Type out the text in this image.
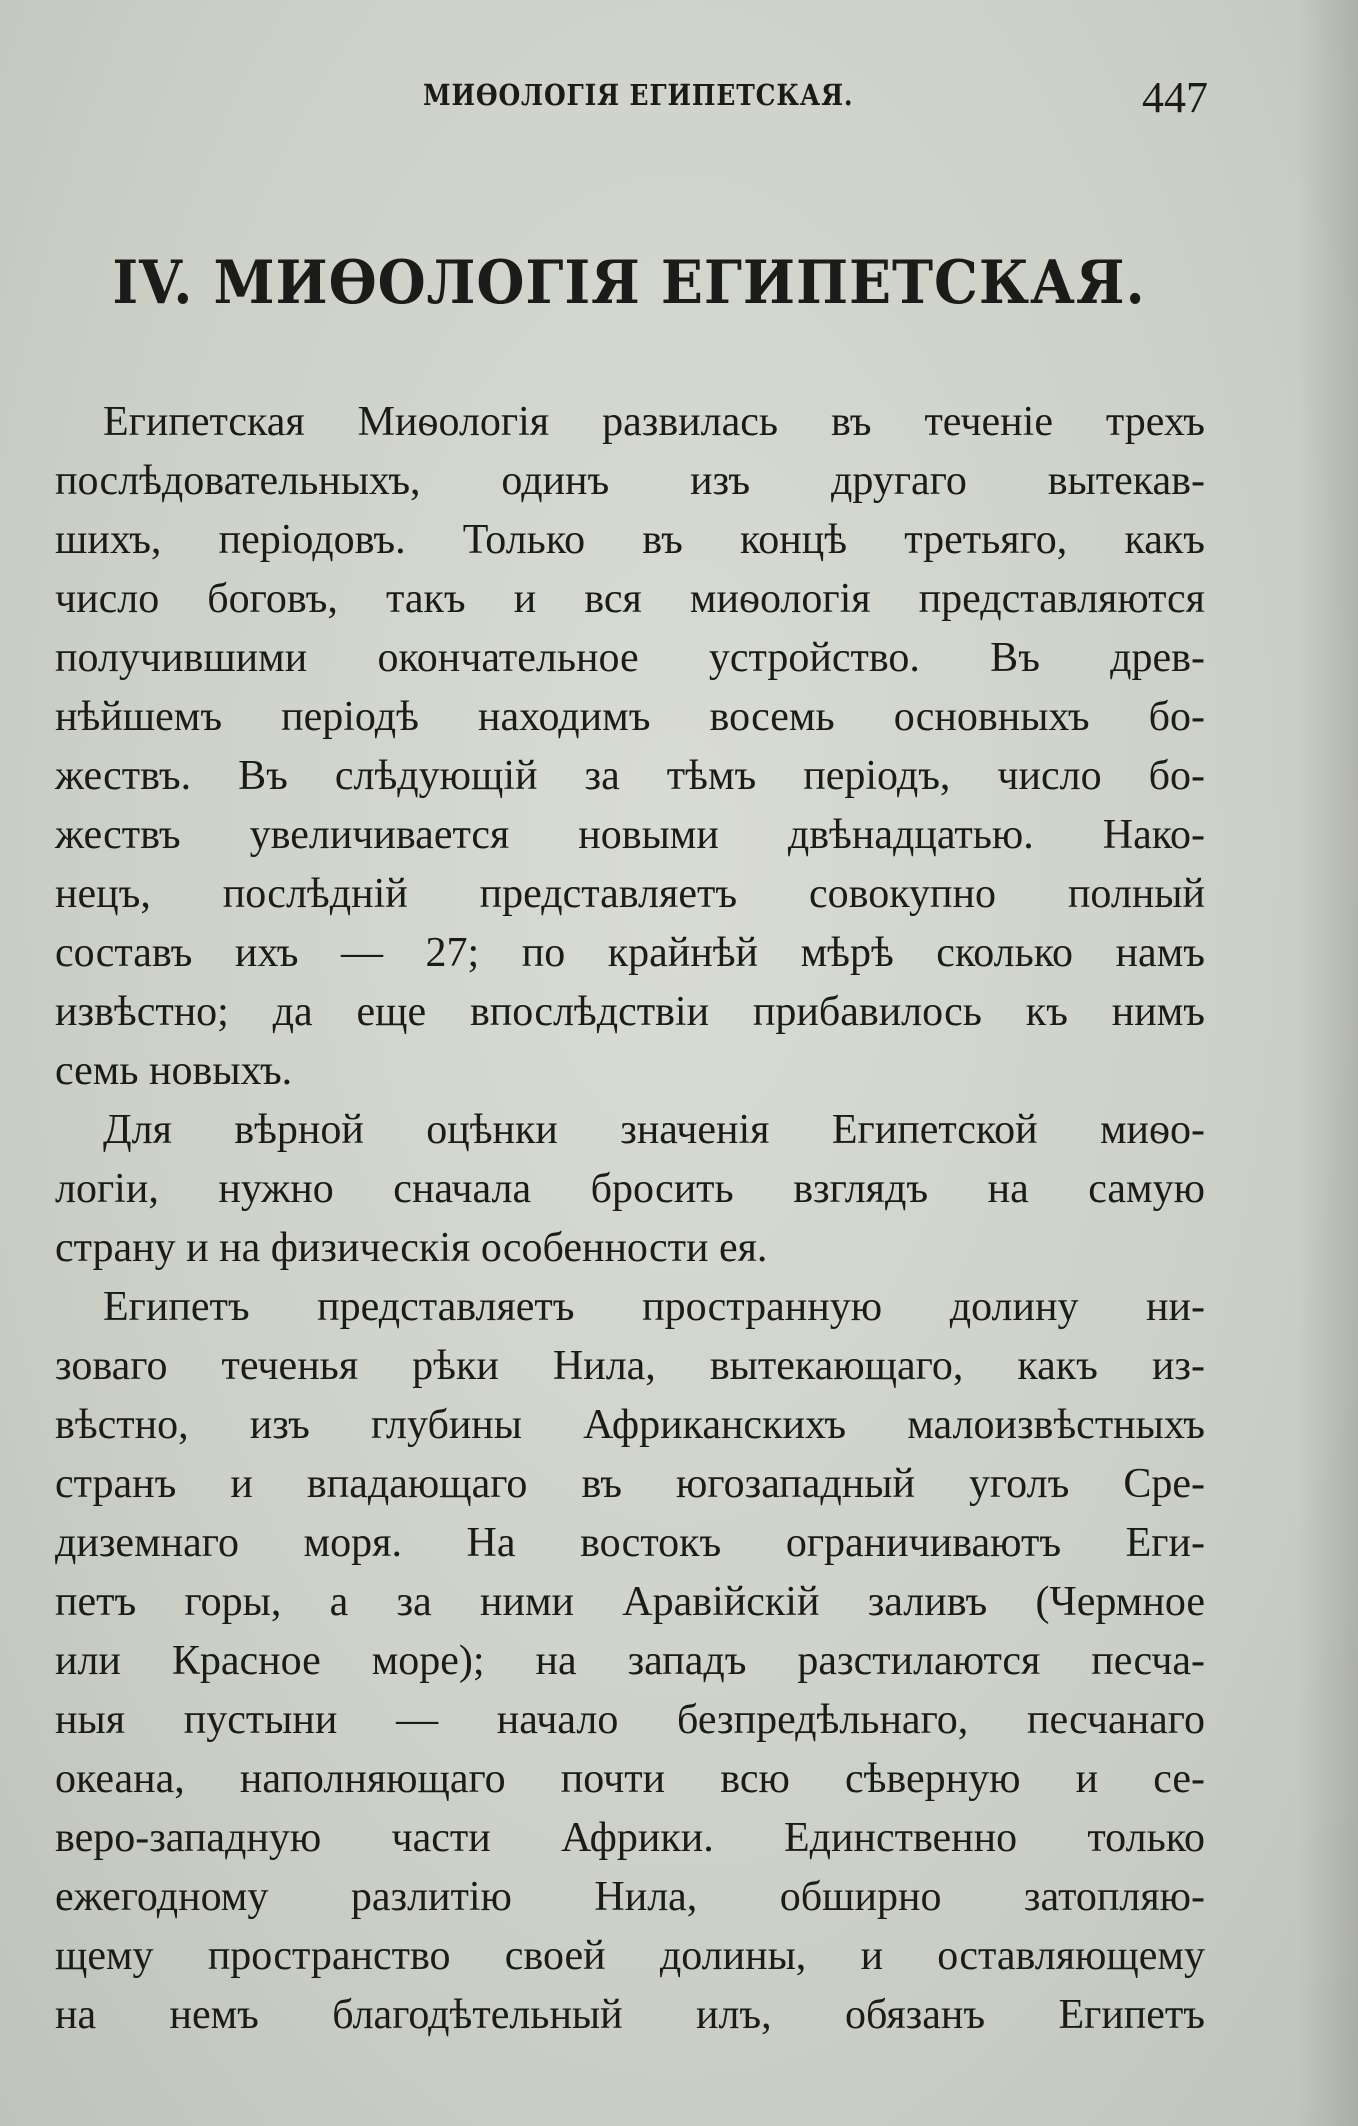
МИѲОЛОГІЯ ЕГИПЕТСКАЯ.	447
IV. МИѲОЛОГІЯ ЕГИПЕТСКАЯ.
Египетская Миѳологія развилась въ теченіе трехъ
послѣдовательныхъ, одинъ изъ другаго вытекав-
шихъ, періодовъ. Только въ концѣ третьяго, какъ
число боговъ, такъ и вся миѳологія представляются
получившими окончательное устройство. Въ древ-
нѣйшемъ періодѣ находимъ восемь основныхъ бо-
жествъ. Въ слѣдующій за тѣмъ періодъ, число бо-
жествъ увеличивается новыми двѣнадцатью. Нако-
нецъ, послѣдній представляетъ совокупно полный
составъ ихъ — 27; по крайнѣй мѣрѣ сколько намъ
извѣстно; да еще впослѣдствіи прибавилось къ нимъ
семь новыхъ.
Для вѣрной оцѣнки значенія Египетской миѳо-
логіи, нужно сначала бросить взглядъ на самую
страну и на физическія особенности ея.
Египетъ представляетъ пространную долину ни-
зоваго теченья рѣки Нила, вытекающаго, какъ из-
вѣстно, изъ глубины Африканскихъ малоизвѣстныхъ
странъ и впадающаго въ югозападный уголъ Сре-
диземнаго моря. На востокъ ограничиваютъ Еги-
петъ горы, а за ними Аравійскій заливъ (Чермное
или Красное море); на западъ разстилаются песча-
ныя пустыни — начало безпредѣльнаго, песчанаго
океана, наполняющаго почти всю сѣверную и се-
веро-западную части Африки. Единственно только
ежегодному разлитію Нила, обширно затопляю-
щему пространство своей долины, и оставляющему
на немъ благодѣтельный илъ, обязанъ Египетъ
